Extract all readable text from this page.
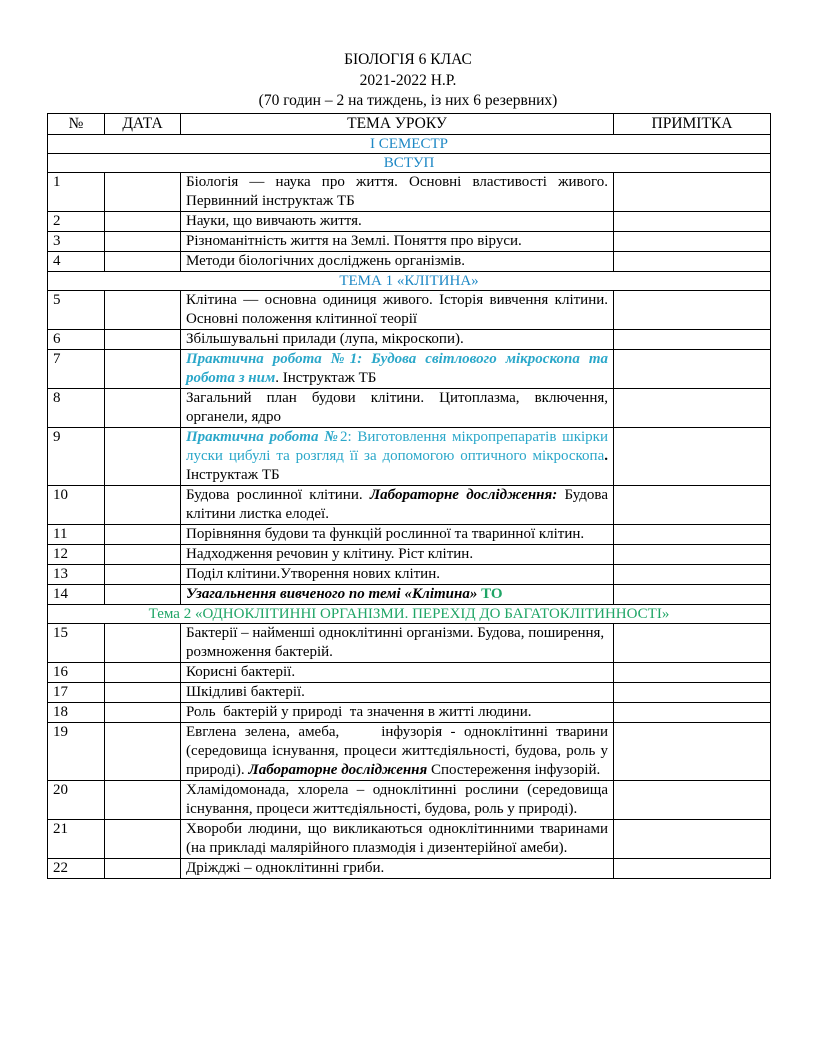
БІОЛОГІЯ 6 КЛАС
2021-2022 Н.Р.
(70 годин – 2 на тиждень, із них 6 резервних)
№	ДАТА	ТЕМА УРОКУ	ПРИМІТКА
І СЕМЕСТР			
ВСТУП			
1		Біологія — наука про життя. Основні властивості живого. Первинний інструктаж ТБ	
2		Науки, що вивчають життя.	
3		Різноманітність життя на Землі. Поняття про віруси.	
4		Методи біологічних досліджень організмів.	
ТЕМА 1 «КЛІТИНА»			
5		Клітина — основна одиниця живого. Історія вивчення клітини. Основні положення клітинної теорії	
6		Збільшувальні прилади (лупа, мікроскопи).	
7		Практична робота №1: Будова світлового мікроскопа та робота з ним. Інструктаж ТБ	
8		Загальний план будови клітини. Цитоплазма, включення, органели, ядро	
9		Практична робота №2: Виготовлення мікропрепаратів шкірки луски цибулі та розгляд її за допомогою оптичного мікроскопа. Інструктаж ТБ	
10		Будова рослинної клітини. Лабораторне дослідження: Будова клітини листка елодеї.	
11		Порівняння будови та функцій рослинної та тваринної клітин.	
12		Надходження речовин у клітину. Ріст клітин.	
13		Поділ клітини.Утворення нових клітин.	
14		Узагальнення вивченого по темі «Клітина» ТО	
Тема 2 «ОДНОКЛІТИННІ ОРГАНІЗМИ. ПЕРЕХІД ДО БАГАТОКЛІТИННОСТІ»			
15		Бактерії – найменші одноклітинні організми. Будова, поширення, розмноження бактерій.	
16		Корисні бактерії.	
17		Шкідливі бактерії.	
18		Роль  бактерій у природі  та значення в житті людини.	
19		Евглена зелена, амеба,     інфузорія - одноклітинні тварини (середовища існування, процеси життєдіяльності, будова, роль у природі). Лабораторне дослідження Спостереження інфузорій.	
20		Хламідомонада, хлорела – одноклітинні рослини (середовища існування, процеси життєдіяльності, будова, роль у природі).	
21		Хвороби людини, що викликаються одноклітинними тваринами (на прикладі малярійного плазмодія і дизентерійної амеби).	
22		Дріжджі – одноклітинні гриби.	
